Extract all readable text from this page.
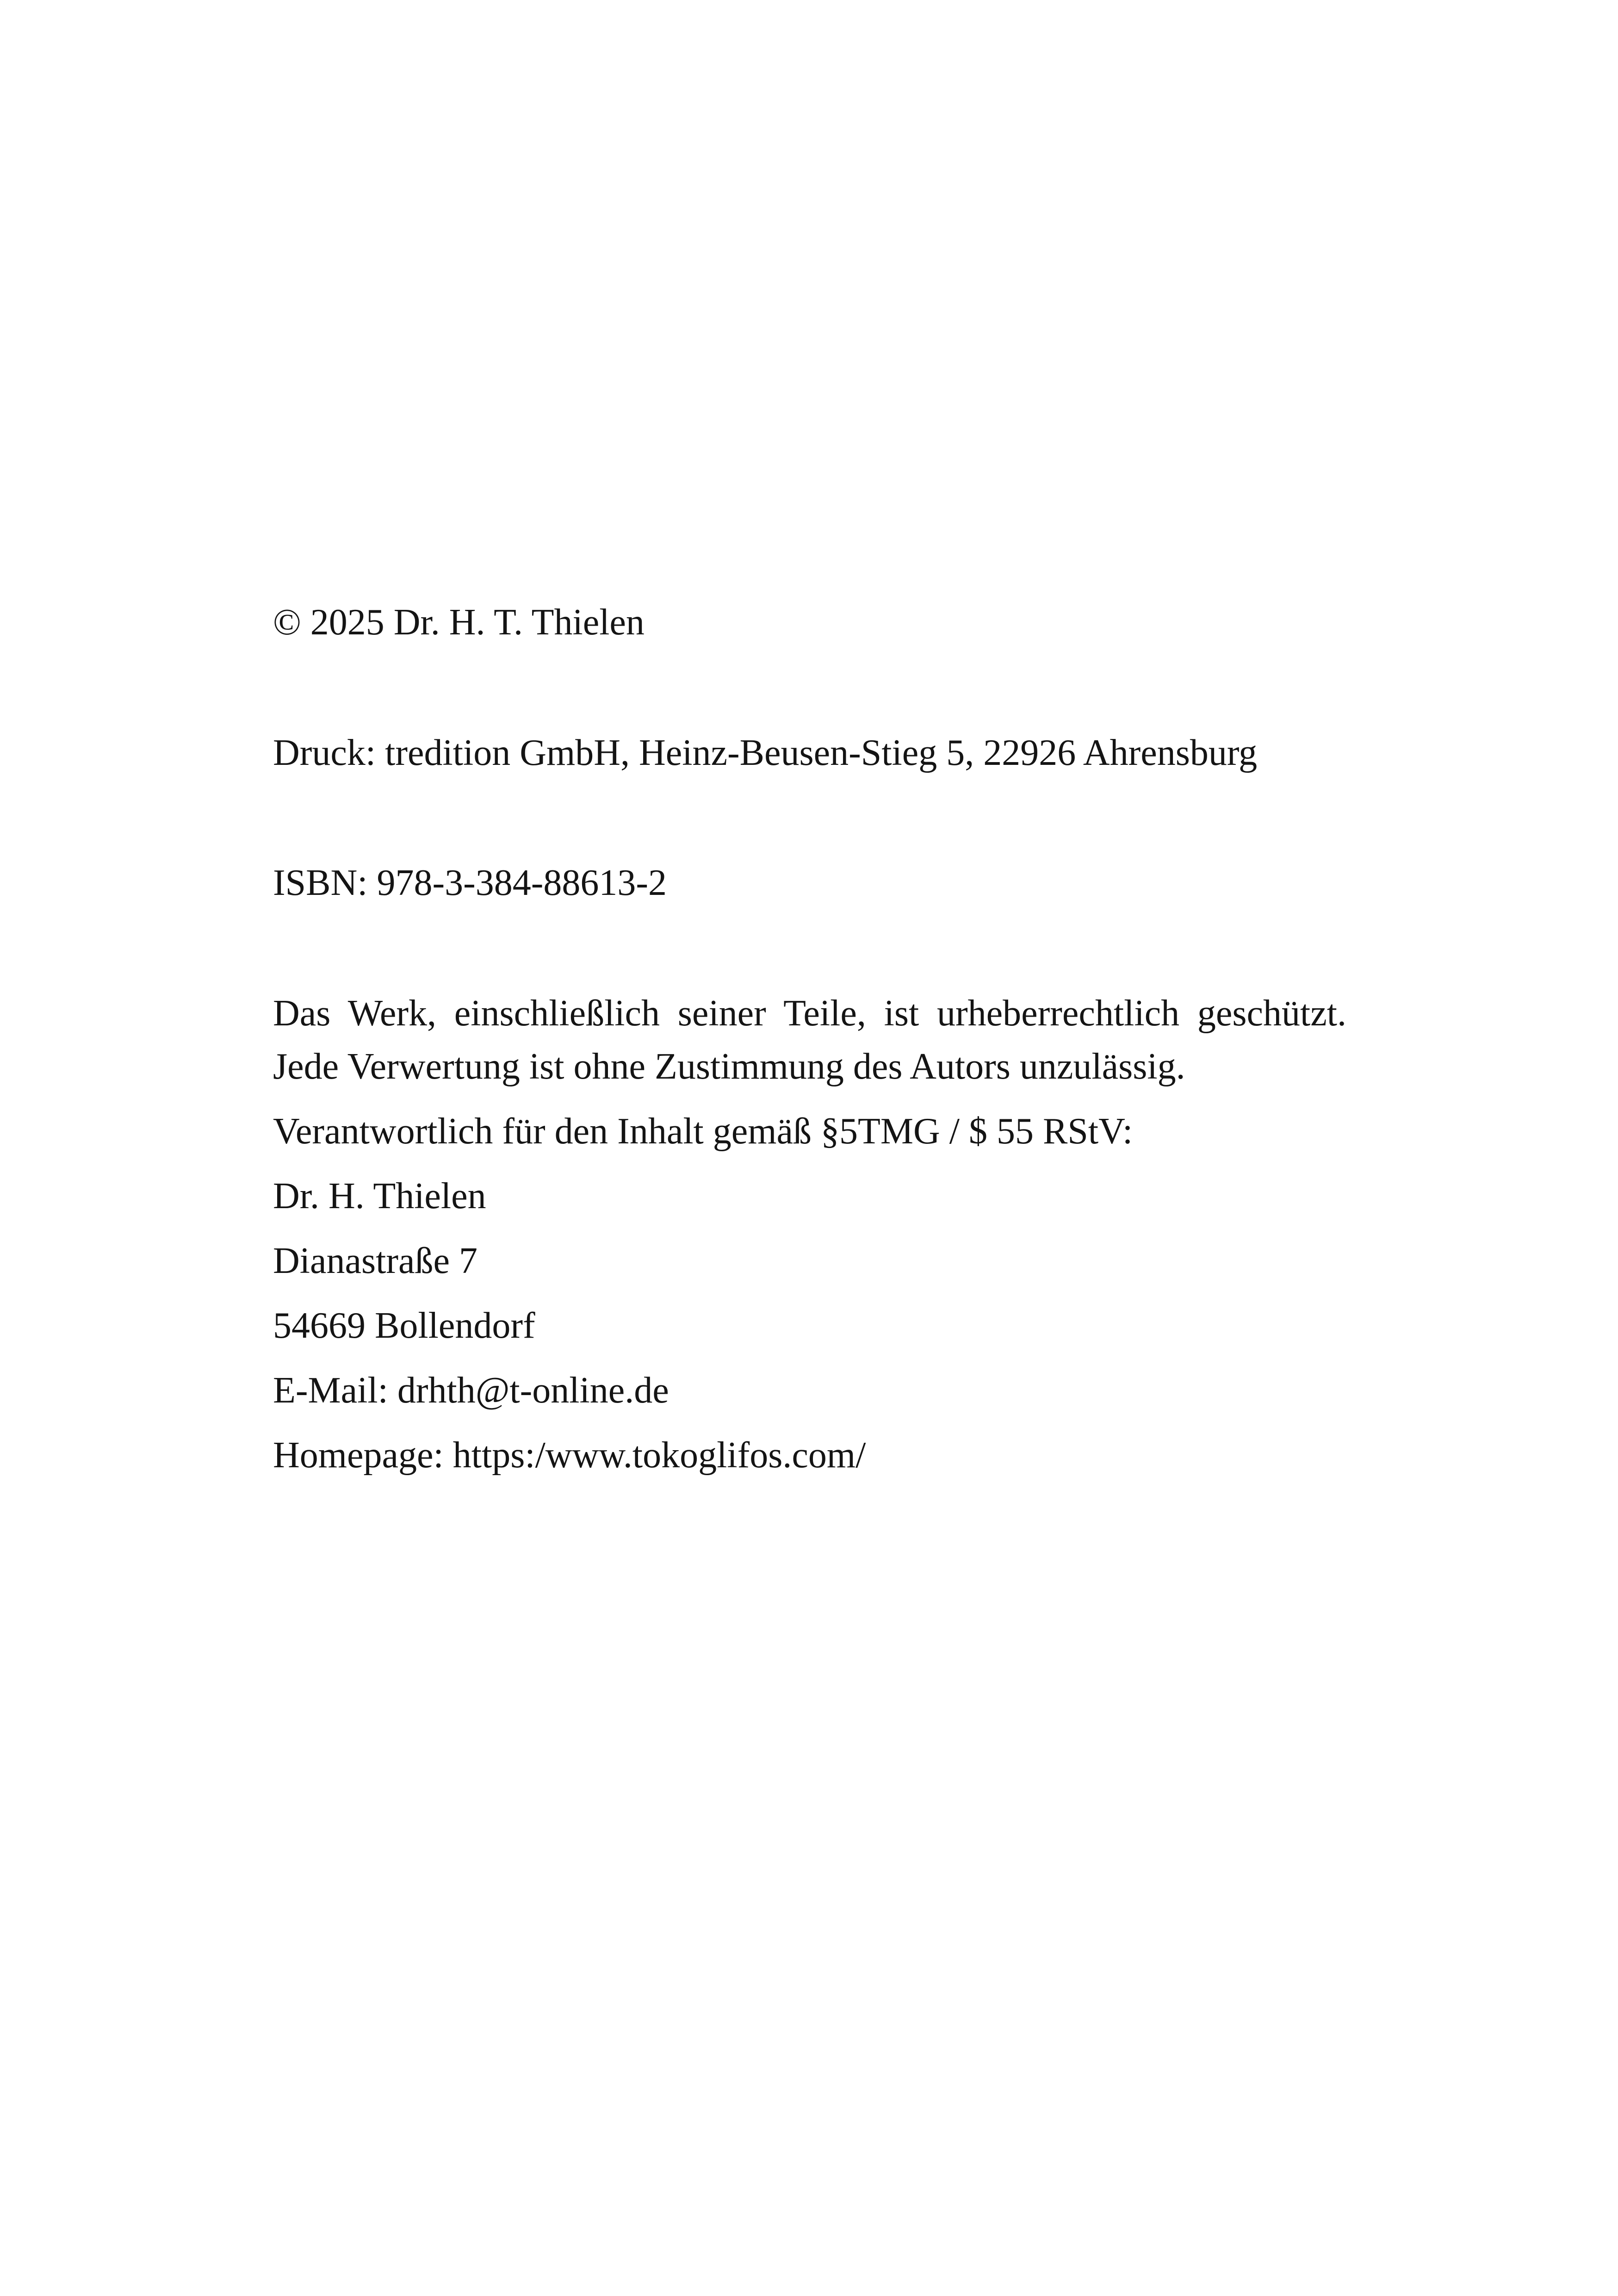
© 2025 Dr. H. T. Thielen
Druck: tredition GmbH, Heinz-Beusen-Stieg 5, 22926 Ahrensburg
ISBN: 978-3-384-88613-2
Das Werk, einschließlich seiner Teile, ist urheberrechtlich geschützt.
Jede Verwertung ist ohne Zustimmung des Autors unzulässig.
Verantwortlich für den Inhalt gemäß §5TMG / $ 55 RStV:
Dr. H. Thielen
Dianastraße 7
54669 Bollendorf
E-Mail: drhth@t-online.de
Homepage: https:/www.tokoglifos.com/
